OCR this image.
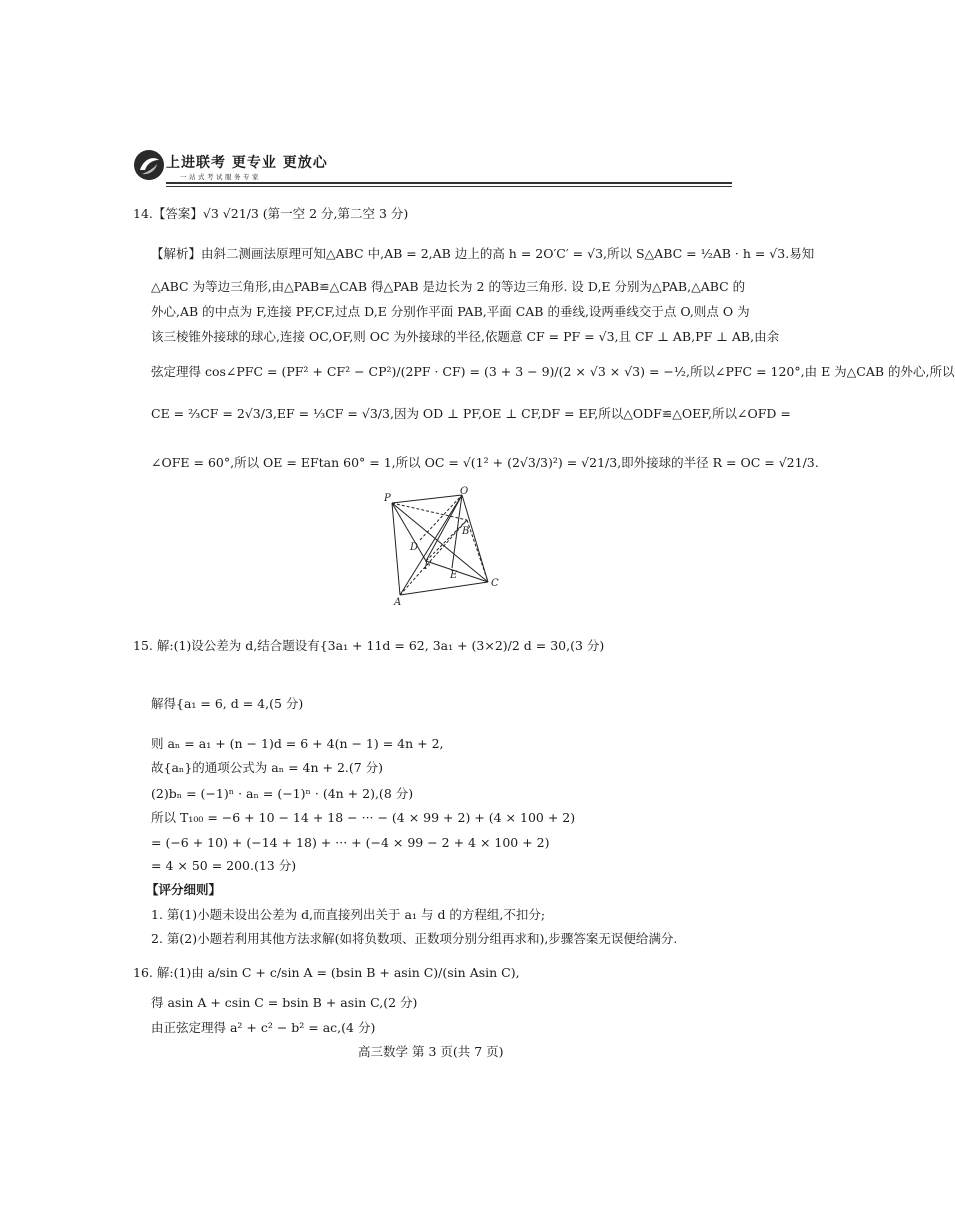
上进联考 更专业 更放心
一站式考试服务专家
14.【答案】√3 √21/3 (第一空 2 分,第二空 3 分)
【解析】由斜二测画法原理可知△ABC 中,AB = 2,AB 边上的高 h = 2O′C′ = √3,所以 S△ABC = ½AB · h = √3.易知
△ABC 为等边三角形,由△PAB≌△CAB 得△PAB 是边长为 2 的等边三角形. 设 D,E 分别为△PAB,△ABC 的
外心,AB 的中点为 F,连接 PF,CF,过点 D,E 分别作平面 PAB,平面 CAB 的垂线,设两垂线交于点 O,则点 O 为
该三棱锥外接球的球心,连接 OC,OF,则 OC 为外接球的半径,依题意 CF = PF = √3,且 CF ⊥ AB,PF ⊥ AB,由余
弦定理得 cos∠PFC = (PF² + CF² − CP²)/(2PF · CF) = (3 + 3 − 9)/(2 × √3 × √3) = −½,所以∠PFC = 120°,由 E 为△CAB 的外心,所以
CE = ⅔CF = 2√3/3,EF = ⅓CF = √3/3,因为 OD ⊥ PF,OE ⊥ CF,DF = EF,所以△ODF≌△OEF,所以∠OFD =
∠OFE = 60°,所以 OE = EFtan 60° = 1,所以 OC = √(1² + (2√3/3)²) = √21/3,即外接球的半径 R = OC = √21/3.
P
O
B
D
F
E
C
A
15. 解:(1)设公差为 d,结合题设有{3a₁ + 11d = 62, 3a₁ + (3×2)/2 d = 30,(3 分)
解得{a₁ = 6, d = 4,(5 分)
则 aₙ = a₁ + (n − 1)d = 6 + 4(n − 1) = 4n + 2,
故{aₙ}的通项公式为 aₙ = 4n + 2.(7 分)
(2)bₙ = (−1)ⁿ · aₙ = (−1)ⁿ · (4n + 2),(8 分)
所以 T₁₀₀ = −6 + 10 − 14 + 18 − ··· − (4 × 99 + 2) + (4 × 100 + 2)
= (−6 + 10) + (−14 + 18) + ··· + (−4 × 99 − 2 + 4 × 100 + 2)
= 4 × 50 = 200.(13 分)
【评分细则】
1. 第(1)小题未设出公差为 d,而直接列出关于 a₁ 与 d 的方程组,不扣分;
2. 第(2)小题若利用其他方法求解(如将负数项、正数项分别分组再求和),步骤答案无误便给满分.
16. 解:(1)由 a/sin C + c/sin A = (bsin B + asin C)/(sin Asin C),
得 asin A + csin C = bsin B + asin C,(2 分)
由正弦定理得 a² + c² − b² = ac,(4 分)
高三数学 第 3 页(共 7 页)
